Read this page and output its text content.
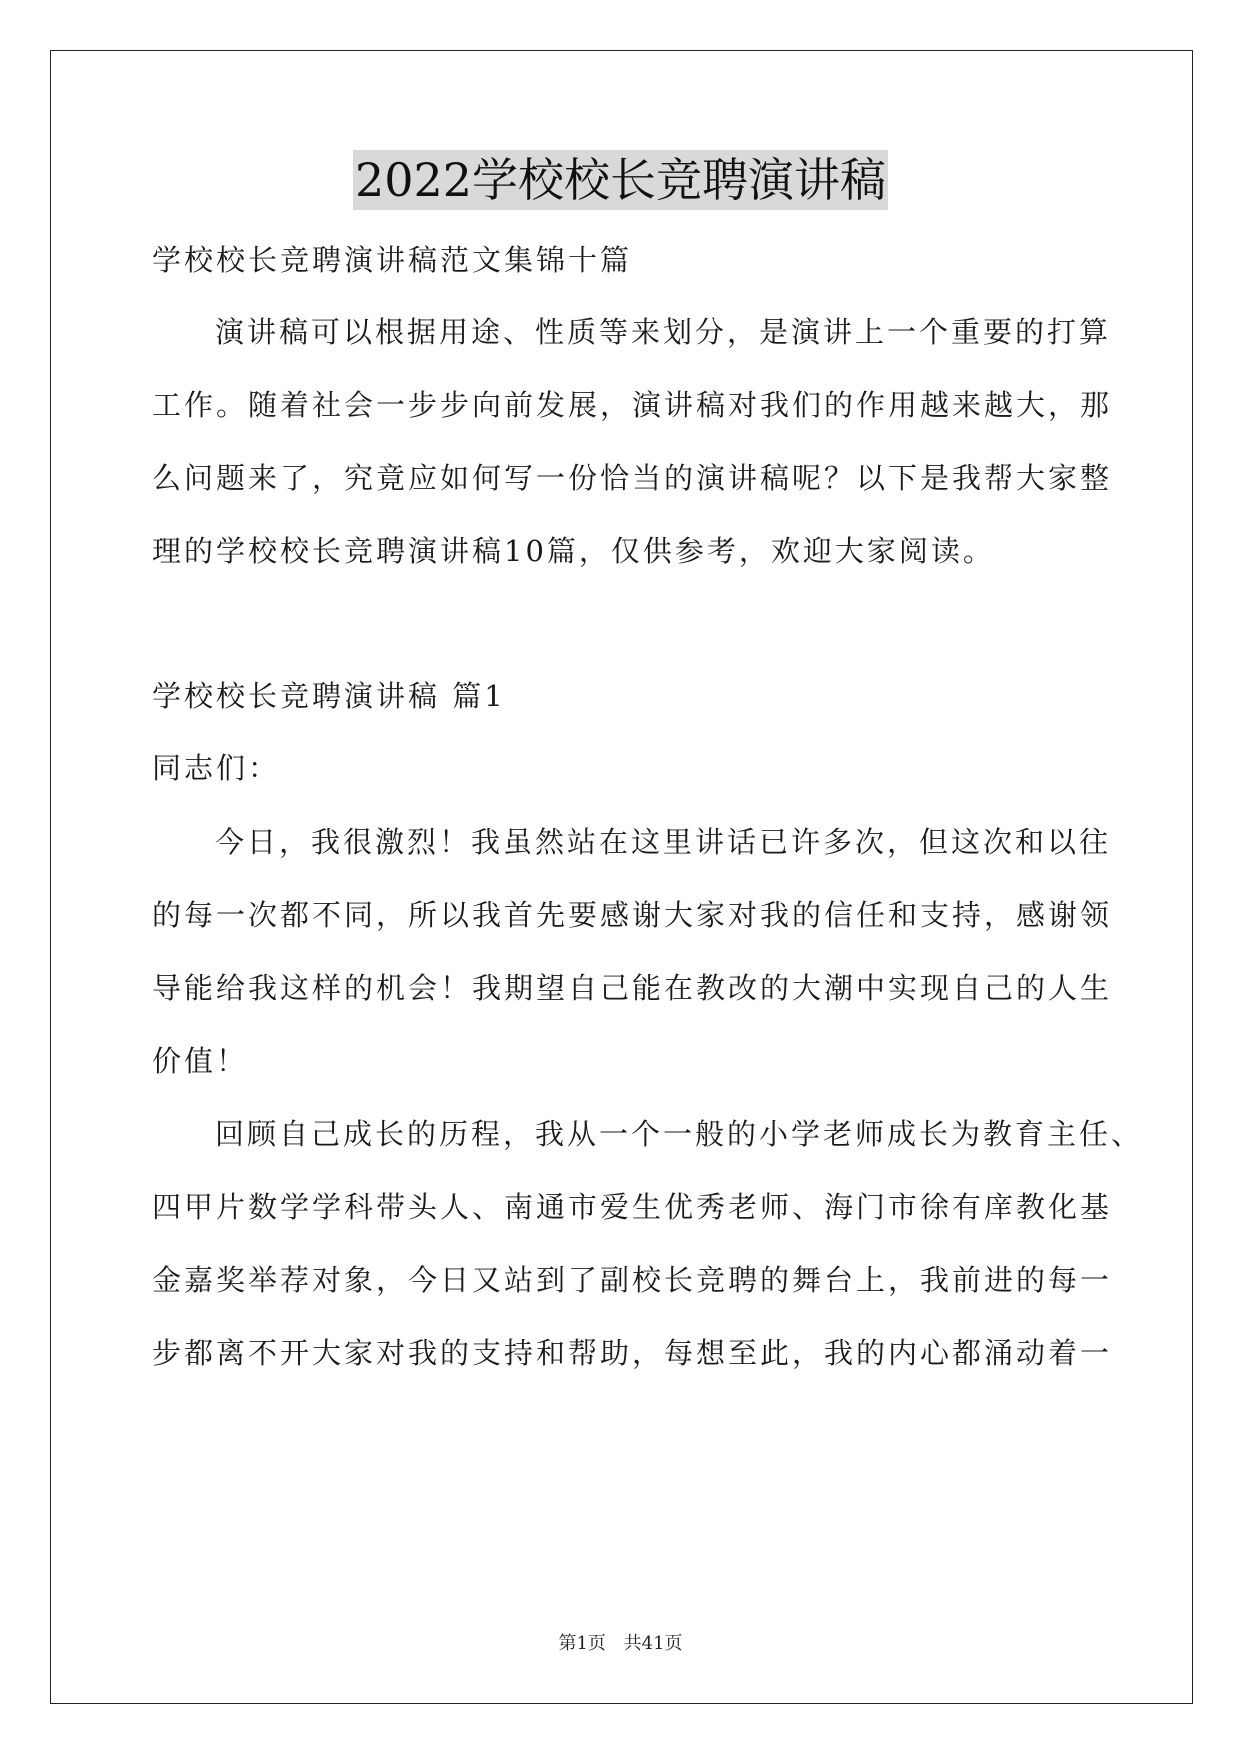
2022学校校长竞聘演讲稿
学校校长竞聘演讲稿范文集锦十篇
演讲稿可以根据用途、性质等来划分，是演讲上一个重要的打算
工作。随着社会一步步向前发展，演讲稿对我们的作用越来越大，那
么问题来了，究竟应如何写一份恰当的演讲稿呢？以下是我帮大家整
理的学校校长竞聘演讲稿10篇，仅供参考，欢迎大家阅读。
学校校长竞聘演讲稿 篇1
同志们：
今日，我很激烈！我虽然站在这里讲话已许多次，但这次和以往
的每一次都不同，所以我首先要感谢大家对我的信任和支持，感谢领
导能给我这样的机会！我期望自己能在教改的大潮中实现自己的人生
价值！
回顾自己成长的历程，我从一个一般的小学老师成长为教育主任、
四甲片数学学科带头人、南通市爱生优秀老师、海门市徐有庠教化基
金嘉奖举荐对象，今日又站到了副校长竞聘的舞台上，我前进的每一
步都离不开大家对我的支持和帮助，每想至此，我的内心都涌动着一
第1页 共41页
